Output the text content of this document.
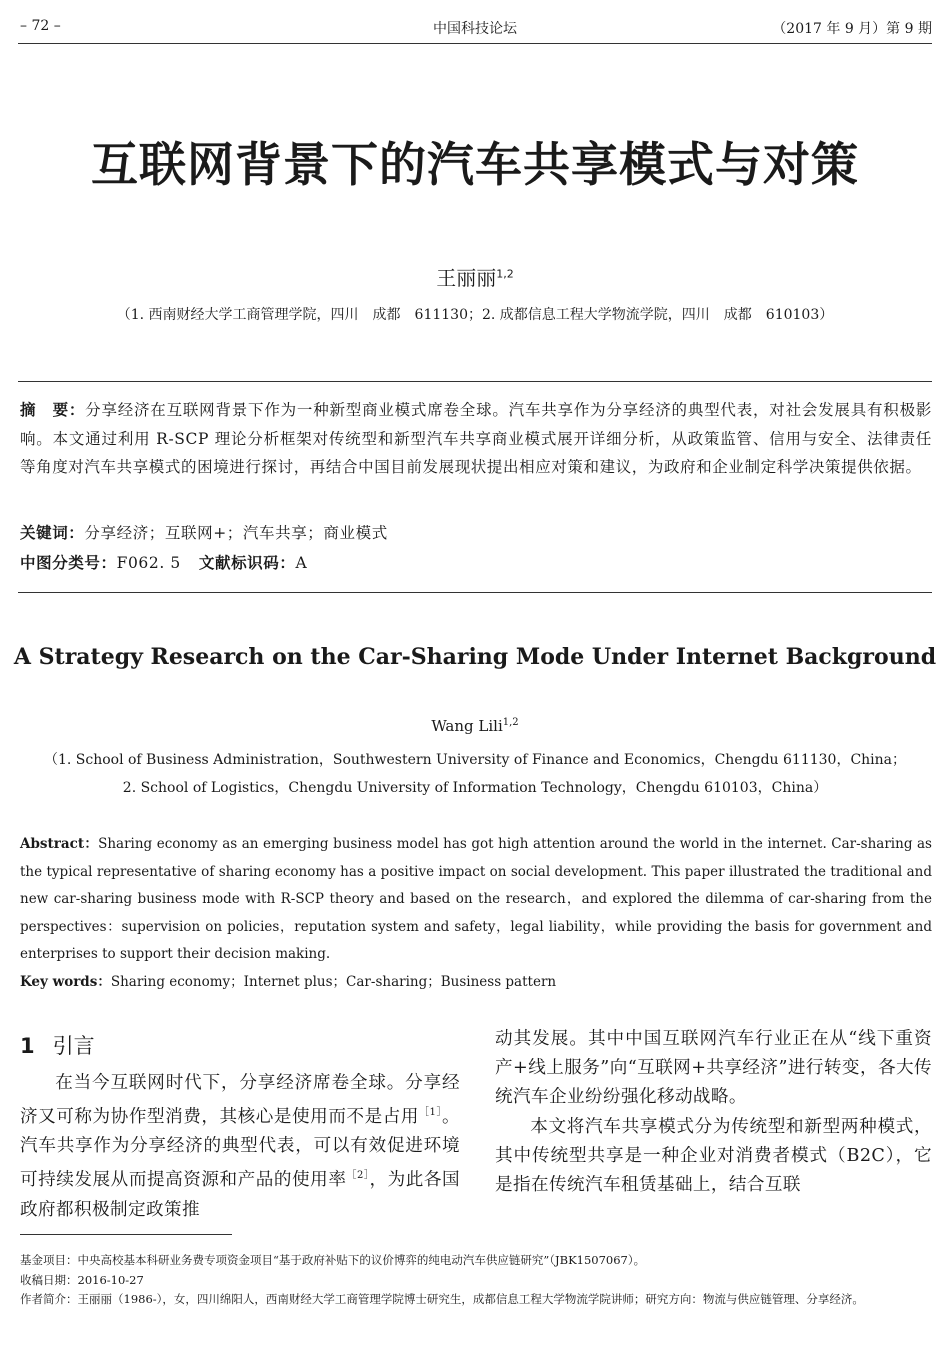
– 72 –	中国科技论坛	（2017 年 9 月）第 9 期
互联网背景下的汽车共享模式与对策
王丽丽$^{1,2}$
（1. 西南财经大学工商管理学院，四川　成都　611130；2. 成都信息工程大学物流学院，四川　成都　610103）
摘　要：分享经济在互联网背景下作为一种新型商业模式席卷全球。汽车共享作为分享经济的典型代表，对社会发展具有积极影响。本文通过利用 R-SCP 理论分析框架对传统型和新型汽车共享商业模式展开详细分析，从政策监管、信用与安全、法律责任等角度对汽车共享模式的困境进行探讨，再结合中国目前发展现状提出相应对策和建议，为政府和企业制定科学决策提供依据。
关键词：分享经济；互联网+；汽车共享；商业模式
中图分类号：F062. 5 文献标识码：A
A Strategy Research on the Car-Sharing Mode Under Internet Background
Wang Lili$^{1,2}$
（1. School of Business Administration，Southwestern University of Finance and Economics，Chengdu 611130，China；
2. School of Logistics，Chengdu University of Information Technology，Chengdu 610103，China）
Abstract：Sharing economy as an emerging business model has got high attention around the world in the internet. Car-sharing as the typical representative of sharing economy has a positive impact on social development. This paper illustrated the traditional and new car-sharing business mode with R-SCP theory and based on the research，and explored the dilemma of car-sharing from the perspectives：supervision on policies，reputation system and safety，legal liability，while providing the basis for government and enterprises to support their decision making.
Key words：Sharing economy；Internet plus；Car-sharing；Business pattern
1 引言

在当今互联网时代下，分享经济席卷全球。分享经济又可称为协作型消费，其核心是使用而不是占用$^{[1]}$。汽车共享作为分享经济的典型代表，可以有效促进环境可持续发展从而提高资源和产品的使用率$^{[2]}$，为此各国政府都积极制定政策推

动其发展。其中中国互联网汽车行业正在从“线下重资产+线上服务”向“互联网+共享经济”进行转变，各大传统汽车企业纷纷强化移动战略。

本文将汽车共享模式分为传统型和新型两种模式，其中传统型共享是一种企业对消费者模式（B2C），它是指在传统汽车租赁基础上，结合互联

基金项目：中央高校基本科研业务费专项资金项目“基于政府补贴下的议价博弈的纯电动汽车供应链研究”（JBK1507067）。

收稿日期：2016-10-27

作者简介：王丽丽（1986-），女，四川绵阳人，西南财经大学工商管理学院博士研究生，成都信息工程大学物流学院讲师；研究方向：物流与供应链管理、分享经济。
